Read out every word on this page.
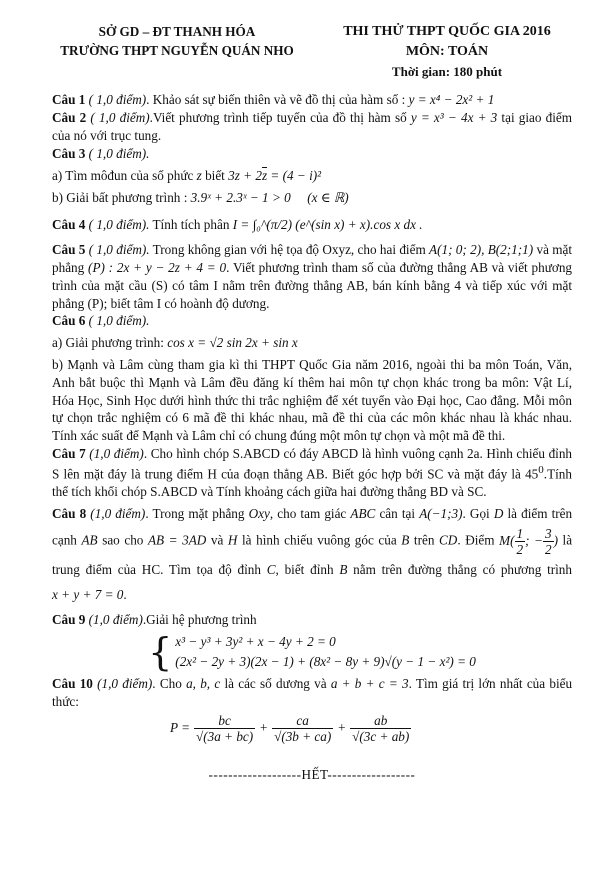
SỞ GD – ĐT THANH HÓA
TRƯỜNG THPT NGUYỄN QUÁN NHO
THI THỬ THPT QUỐC GIA 2016
MÔN: TOÁN
Thời gian: 180 phút

Câu 1 ( 1,0 điểm). Khảo sát sự biến thiên và vẽ đồ thị của hàm số : y = x⁴ − 2x² + 1

Câu 2 ( 1,0 điểm).Viết phương trình tiếp tuyến của đồ thị hàm số y = x³ − 4x + 3 tại giao điểm của nó với trục tung.

Câu 3 ( 1,0 điểm).

a) Tìm môđun của số phức z biết 3z + 2z = (4 − i)²

b) Giải bất phương trình : 3.9ˣ + 2.3ˣ − 1 > 0 (x ∈ ℝ)

Câu 4 ( 1,0 điểm). Tính tích phân I = ∫₀^(π/2) (e^(sin x) + x).cos x dx .

Câu 5 ( 1,0 điểm). Trong không gian với hệ tọa độ Oxyz, cho hai điểm A(1; 0; 2), B(2;1;1) và mặt phẳng (P) : 2x + y − 2z + 4 = 0. Viết phương trình tham số của đường thẳng AB và viết phương trình của mặt cầu (S) có tâm I nằm trên đường thẳng AB, bán kính bằng 4 và tiếp xúc với mặt phẳng (P); biết tâm I có hoành độ dương.

Câu 6 ( 1,0 điểm).

a) Giải phương trình: cos x = √2 sin 2x + sin x

b) Mạnh và Lâm cùng tham gia kì thi THPT Quốc Gia năm 2016, ngoài thi ba môn Toán, Văn, Anh bắt buộc thì Mạnh và Lâm đều đăng kí thêm hai môn tự chọn khác trong ba môn: Vật Lí, Hóa Học, Sinh Học dưới hình thức thi trắc nghiệm để xét tuyển vào Đại học, Cao đẳng. Mỗi môn tự chọn trắc nghiệm có 6 mã đề thi khác nhau, mã đề thi của các môn khác nhau là khác nhau. Tính xác suất để Mạnh và Lâm chỉ có chung đúng một môn tự chọn và một mã đề thi.

Câu 7 (1,0 điểm). Cho hình chóp S.ABCD có đáy ABCD là hình vuông cạnh 2a. Hình chiếu đỉnh S lên mặt đáy là trung điểm H của đoạn thẳng AB. Biết góc hợp bởi SC và mặt đáy là $45^0.Tính$ thể tích khối chóp S.ABCD và Tính khoảng cách giữa hai đường thẳng BD và SC.

Câu 8 (1,0 điểm). Trong mặt phẳng Oxy, cho tam giác ABC cân tại A(−1;3). Gọi D là điểm trên cạnh AB sao cho AB = 3AD và H là hình chiếu vuông góc của B trên CD. Điểm $M( \frac{1}{2}$ ; − $\frac{3}{2}$ ) là trung điểm của HC. Tìm tọa độ đỉnh C, biết đỉnh B nằm trên đường thẳng có phương trình x + y + 7 = 0.

Câu 9 (1,0 điểm).Giải hệ phương trình

{ x³ − y³ + 3y² + x − 4y + 2 = 0
(2x² − 2y + 3)(2x − 1) + (8x² − 8y + 9)√(y − 1 − x²) = 0

Câu 10 (1,0 điểm). Cho a, b, c là các số dương và a + b + c = 3. Tìm giá trị lớn nhất của biểu thức:

$P = \frac{bc}{√(3a + bc)} + \frac{ca}{√(3b + ca)} + \frac{ab}{√(3c + ab)}$
-------------------HẾT------------------
